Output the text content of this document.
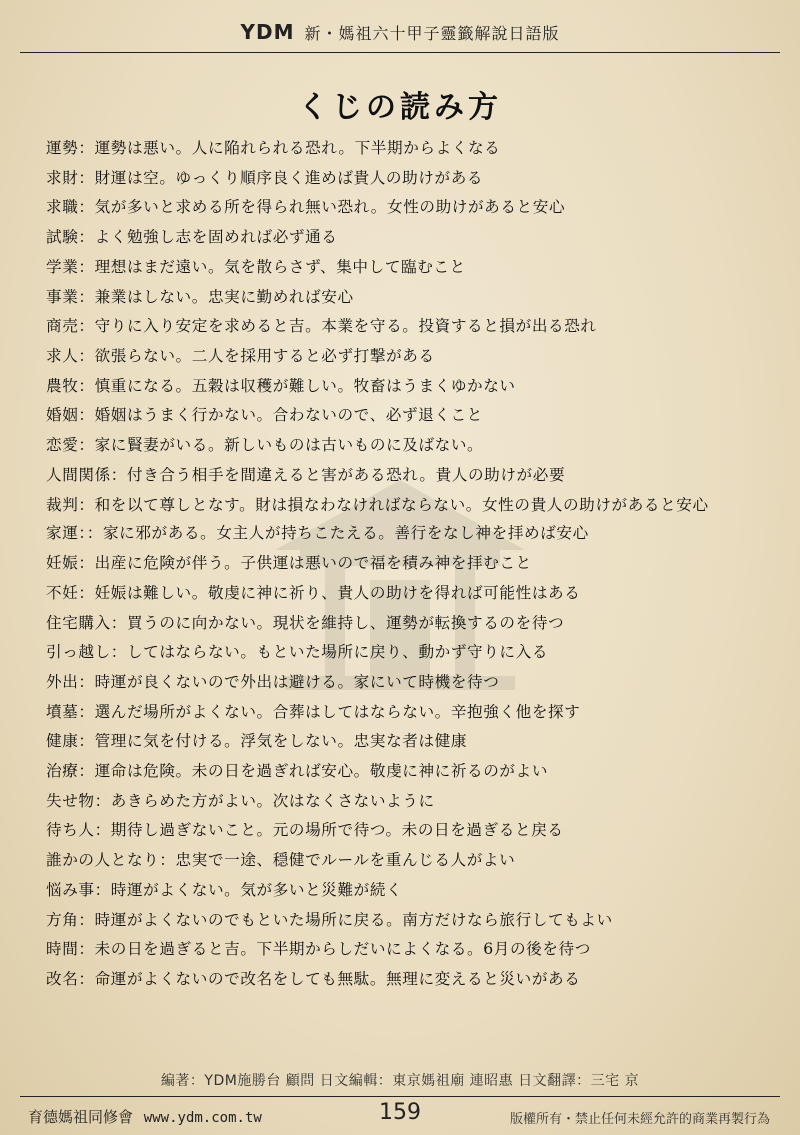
YDM 新・媽祖六十甲子靈籤解說日語版
くじの読み方
運勢：運勢は悪い。人に陥れられる恐れ。下半期からよくなる
求財：財運は空。ゆっくり順序良く進めば貴人の助けがある
求職：気が多いと求める所を得られ無い恐れ。女性の助けがあると安心
試験：よく勉強し志を固めれば必ず通る
学業：理想はまだ遠い。気を散らさず、集中して臨むこと
事業：兼業はしない。忠実に勤めれば安心
商売：守りに入り安定を求めると吉。本業を守る。投資すると損が出る恐れ
求人：欲張らない。二人を採用すると必ず打撃がある
農牧：慎重になる。五穀は収穫が難しい。牧畜はうまくゆかない
婚姻：婚姻はうまく行かない。合わないので、必ず退くこと
恋愛：家に賢妻がいる。新しいものは古いものに及ばない。
人間関係：付き合う相手を間違えると害がある恐れ。貴人の助けが必要
裁判：和を以て尊しとなす。財は損なわなければならない。女性の貴人の助けがあると安心
家運：：家に邪がある。女主人が持ちこたえる。善行をなし神を拝めば安心
妊娠：出産に危険が伴う。子供運は悪いので福を積み神を拝むこと
不妊：妊娠は難しい。敬虔に神に祈り、貴人の助けを得れば可能性はある
住宅購入：買うのに向かない。現状を維持し、運勢が転換するのを待つ
引っ越し：してはならない。もといた場所に戻り、動かず守りに入る
外出：時運が良くないので外出は避ける。家にいて時機を待つ
墳墓：選んだ場所がよくない。合葬はしてはならない。辛抱強く他を探す
健康：管理に気を付ける。浮気をしない。忠実な者は健康
治療：運命は危険。未の日を過ぎれば安心。敬虔に神に祈るのがよい
失せ物：あきらめた方がよい。次はなくさないように
待ち人：期待し過ぎないこと。元の場所で待つ。未の日を過ぎると戻る
誰かの人となり：忠実で一途、穏健でルールを重んじる人がよい
悩み事：時運がよくない。気が多いと災難が続く
方角：時運がよくないのでもといた場所に戻る。南方だけなら旅行してもよい
時間：未の日を過ぎると吉。下半期からしだいによくなる。6月の後を待つ
改名：命運がよくないので改名をしても無駄。無理に変えると災いがある
編著：YDM施勝台 顧問 日文編輯：東京媽祖廟 連昭惠 日文翻譯：三宅 京
育德媽祖同修會 www.ydm.com.tw	159	版權所有・禁止任何未經允許的商業再製行為
